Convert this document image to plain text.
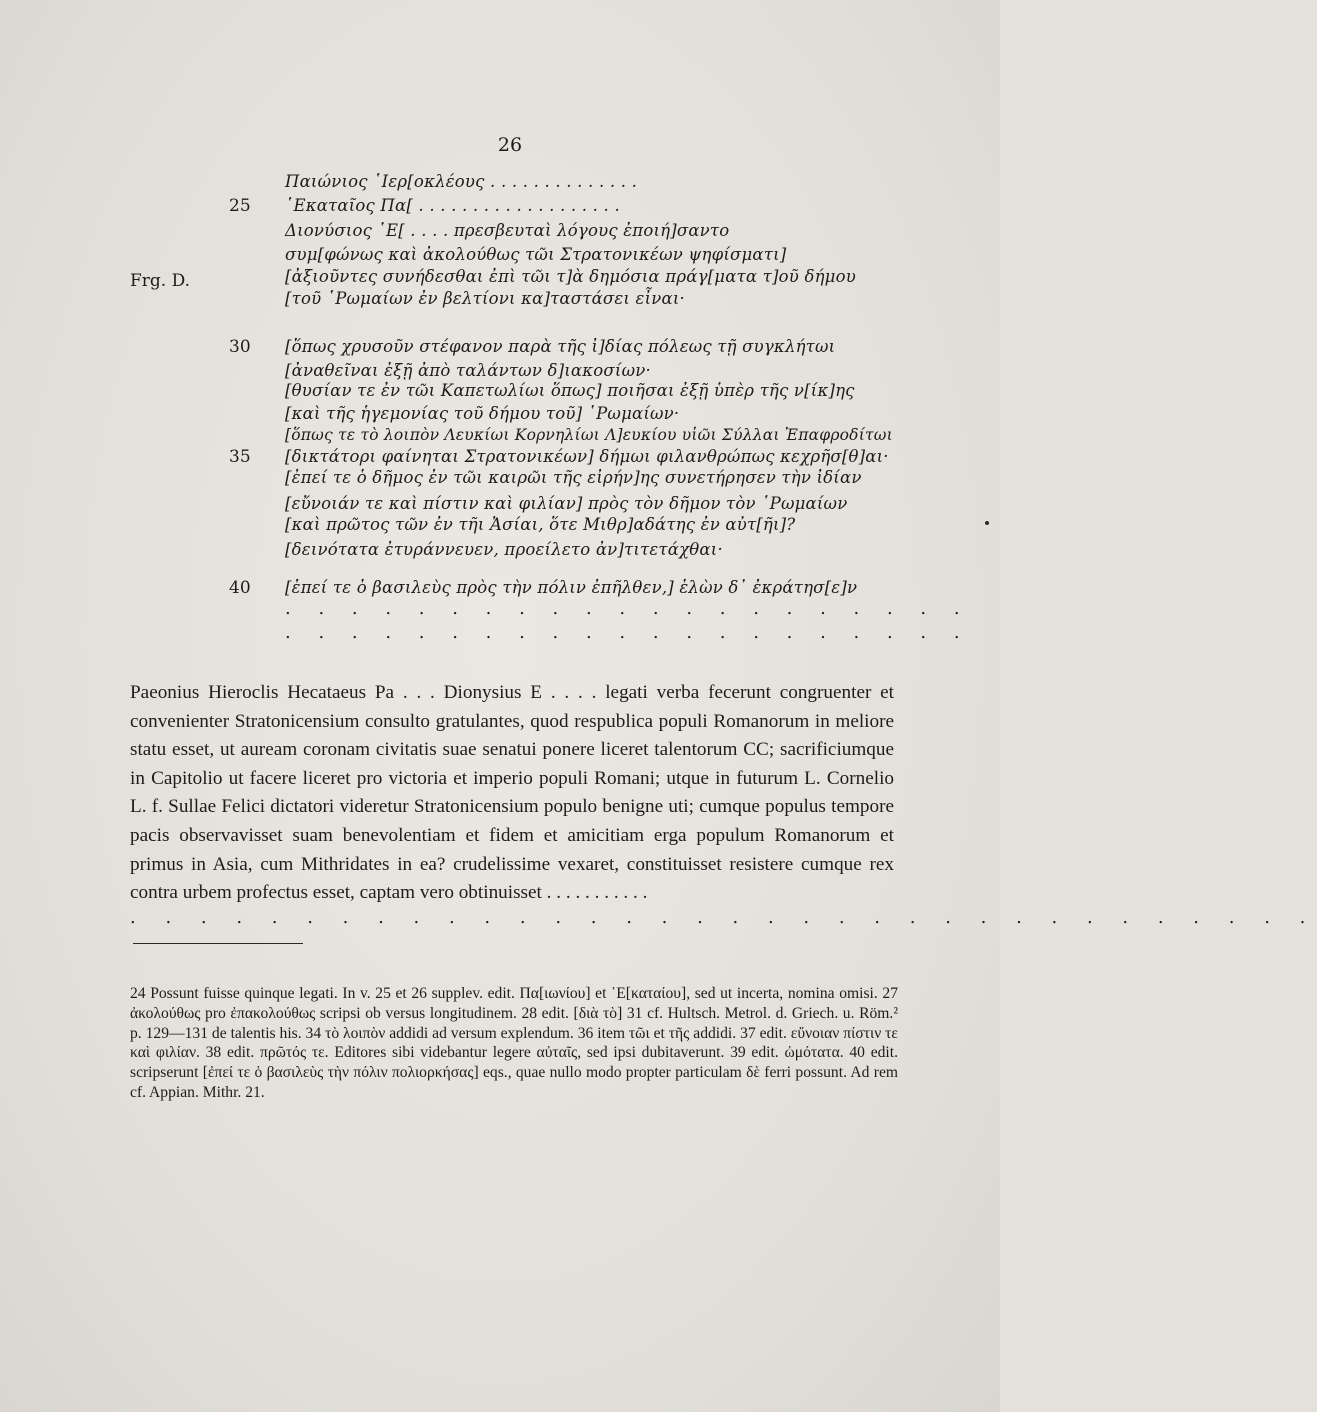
26
Frg. D.
25
30
35
40
Παιώνιος ῾Ιερ[οκλέους . . . . . . . . . . . . . .
῾Εκαταῖος Πα[ . . . . . . . . . . . . . . . . . . .
Διονύσιος ῾Ε[ . . . . πρεσβευταὶ λόγους ἐποιή]σαντο
συμ[φώνως καὶ ἀκολούθως τῶι Στρατονικέων ψηφίσματι]
[ἀξιοῦντες συνήδεσθαι ἐπὶ τῶι τ]ὰ δημόσια πράγ[ματα τ]οῦ δήμου
[τοῦ ῾Ρωμαίων ἐν βελτίονι κα]ταστάσει εἶναι·
[ὅπως χρυσοῦν στέφανον παρὰ τῆς ἰ]δίας πόλεως τῇ συγκλήτωι
[ἀναθεῖναι ἐξῇ ἀπὸ ταλάντων δ]ιακοσίων·
[θυσίαν τε ἐν τῶι Καπετωλίωι ὅπως] ποιῆσαι ἐξῇ ὑπὲρ τῆς ν[ίκ]ης
[καὶ τῆς ἡγεμονίας τοῦ δήμου τοῦ] ῾Ρωμαίων·
[ὅπως τε τὸ λοιπὸν Λευκίωι Κορνηλίωι Λ]ευκίου υἱῶι Σύλλαι Ἐπαφροδίτωι
[δικτάτορι φαίνηται Στρατονικέων] δήμωι φιλανθρώπως κεχρῆσ[θ]αι·
[ἐπεί τε ὁ δῆμος ἐν τῶι καιρῶι τῆς εἰρήν]ης συνετήρησεν τὴν ἰδίαν
[εὔνοιάν τε καὶ πίστιν καὶ φιλίαν] πρὸς τὸν δῆμον τὸν ῾Ρωμαίων
[καὶ πρῶτος τῶν ἐν τῆι Ἀσίαι, ὅτε Μιθρ]αδάτης ἐν αὐτ[ῆι]?
[δεινότατα ἐτυράννευεν, προείλετο ἀν]τιτετάχθαι·
[ἐπεί τε ὁ βασιλεὺς πρὸς τὴν πόλιν ἐπῆλθεν,] ἑλὼν δ᾽ ἐκράτησ[ε]ν
. . . . . . . . . . . . . . . . . . . . .
. . . . . . . . . . . . . . . . . . . . .
Paeonius Hieroclis Hecataeus Pa . . . Dionysius E . . . . legati verba fecerunt congruenter et convenienter Stratonicensium consulto gratulantes, quod respublica populi Romanorum in meliore statu esset, ut auream coronam civitatis suae senatui ponere liceret talentorum CC; sacrificiumque in Capitolio ut facere liceret pro victoria et imperio populi Romani; utque in futurum L. Cornelio L. f. Sullae Felici dictatori videretur Stratonicensium populo benigne uti; cumque populus tempore pacis observavisset suam benevolentiam et fidem et amicitiam erga populum Romanorum et primus in Asia, cum Mithridates in ea? crudelissime vexaret, constituisset resistere cumque rex contra urbem profectus esset, captam vero obtinuisset . . . . . . . . . . .
. . . . . . . . . . . . . . . . . . . . . . . . . . . . . . . . . .
24 Possunt fuisse quinque legati. In v. 25 et 26 supplev. edit. Πα[ιωνίου] et ῾Ε[καταίου], sed ut incerta, nomina omisi. 27 ἀκολούθως pro ἐπακολούθως scripsi ob versus longitudinem. 28 edit. [διὰ τὸ] 31 cf. Hultsch. Metrol. d. Griech. u. Röm.² p. 129—131 de talentis his. 34 τὸ λοιπὸν addidi ad versum explendum. 36 item τῶι et τῆς addidi. 37 edit. εὔνοιαν πίστιν τε καὶ φιλίαν. 38 edit. πρῶτός τε. Editores sibi videbantur legere αὐταῖς, sed ipsi dubitaverunt. 39 edit. ὠμότατα. 40 edit. scripserunt [ἐπεί τε ὁ βασιλεὺς τὴν πόλιν πολιορκήσας] eqs., quae nullo modo propter particulam δὲ ferri possunt. Ad rem cf. Appian. Mithr. 21.
